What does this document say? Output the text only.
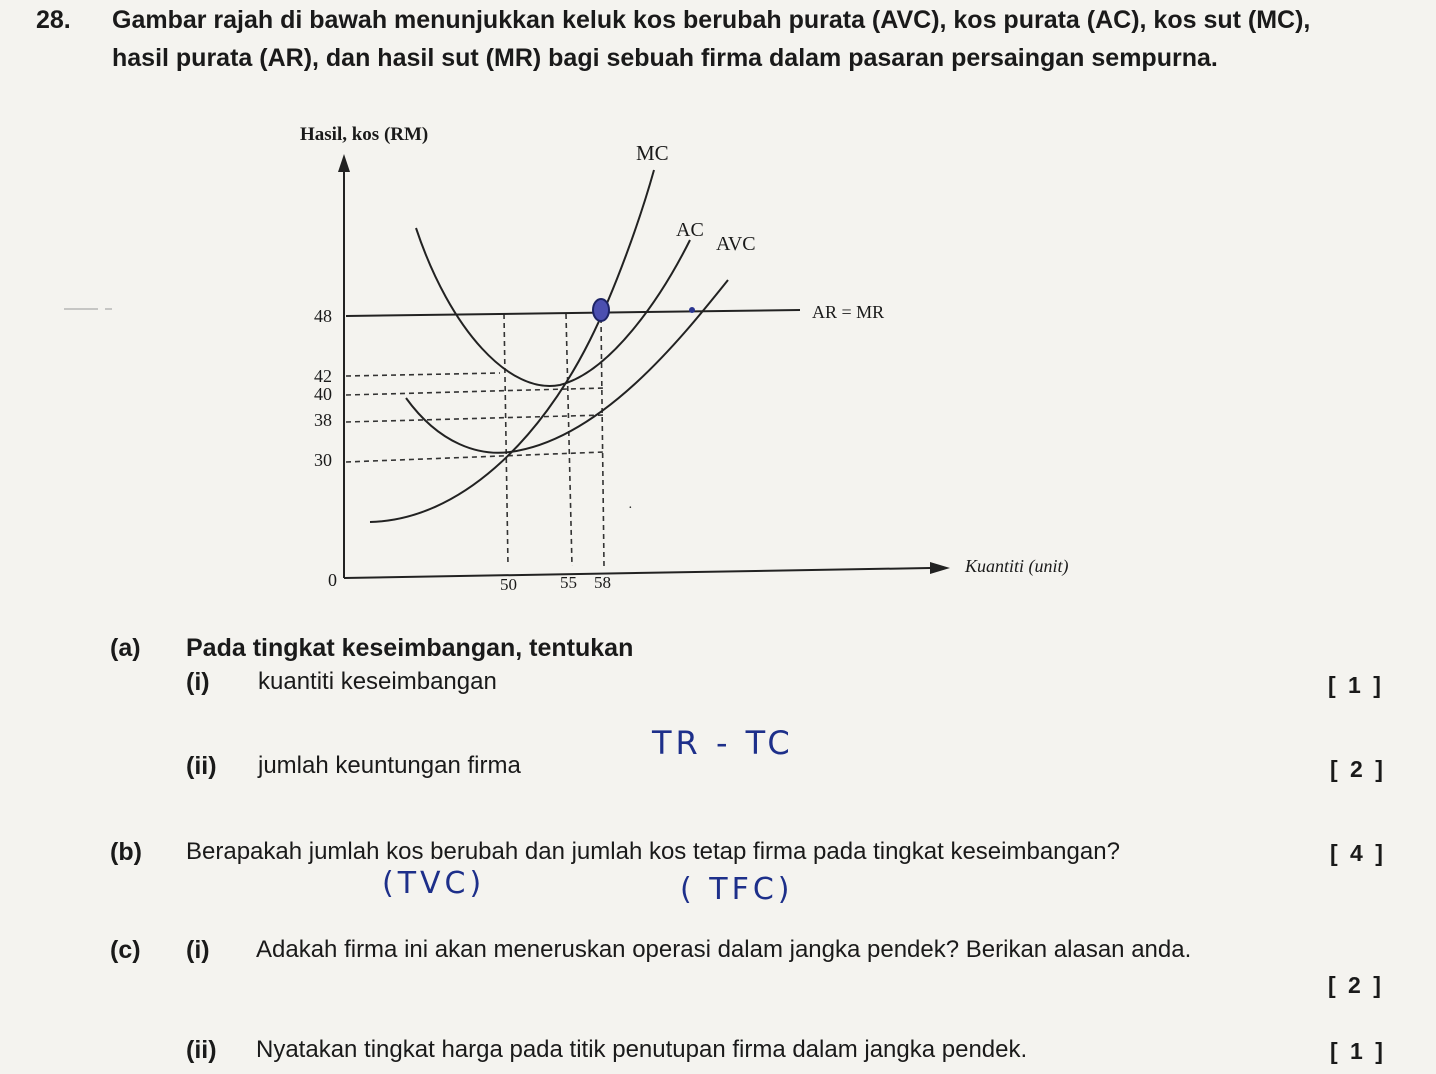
28. Gambar rajah di bawah menunjukkan keluk kos berubah purata (AVC), kos purata (AC), kos sut (MC),
hasil purata (AR), dan hasil sut (MR) bagi sebuah firma dalam pasaran persaingan sempurna.
Hasil, kos (RM)
Kuantiti (unit)
0
48
42
40
38
30
50	55 58
·
AR = MR
AC
AVC
MC
(a) Pada tingkat keseimbangan, tentukan
(i) kuantiti keseimbangan	[ 1 ]
(ii) jumlah keuntungan firma
TR - TC
[ 2 ]
(b) Berapakah jumlah kos berubah dan jumlah kos tetap firma pada tingkat keseimbangan?	[ 4 ]
(TVC)	( TFC)
(c) (i) Adakah firma ini akan meneruskan operasi dalam jangka pendek? Berikan alasan anda.
[ 2 ]
(ii) Nyatakan tingkat harga pada titik penutupan firma dalam jangka pendek.	[ 1 ]
